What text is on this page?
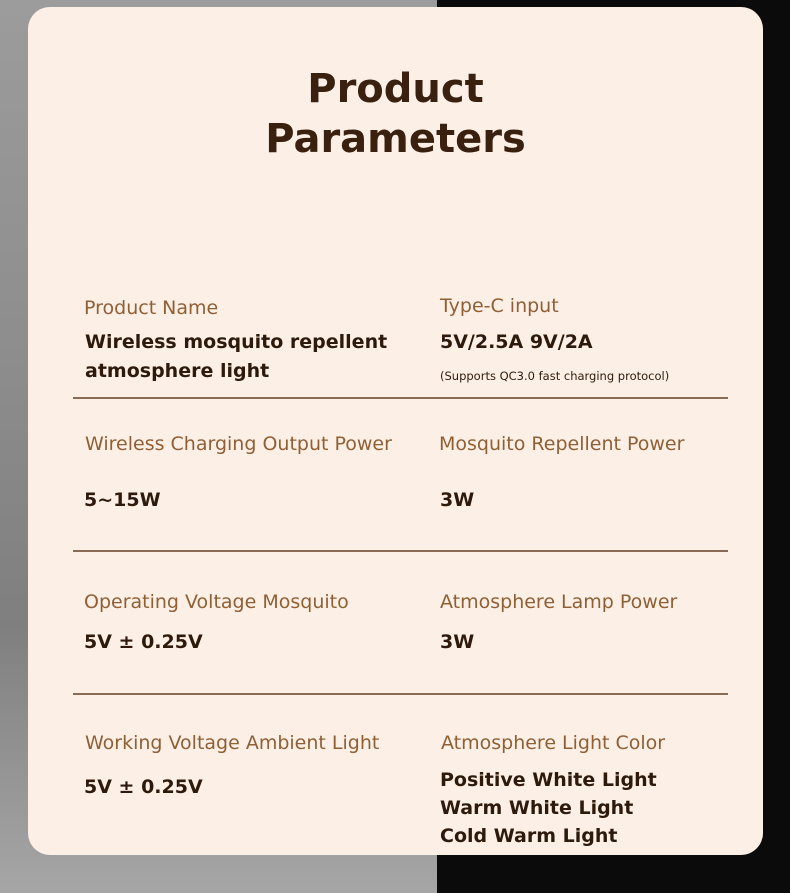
Product
Parameters
Product Name
Wireless mosquito repellent
atmosphere light
Type-C input
5V/2.5A 9V/2A
(Supports QC3.0 fast charging protocol)
Wireless Charging Output Power
5~15W
Mosquito Repellent Power
3W
Operating Voltage Mosquito
5V ± 0.25V
Atmosphere Lamp Power
3W
Working Voltage Ambient Light
5V ± 0.25V
Atmosphere Light Color
Positive White Light
Warm White Light
Cold Warm Light
